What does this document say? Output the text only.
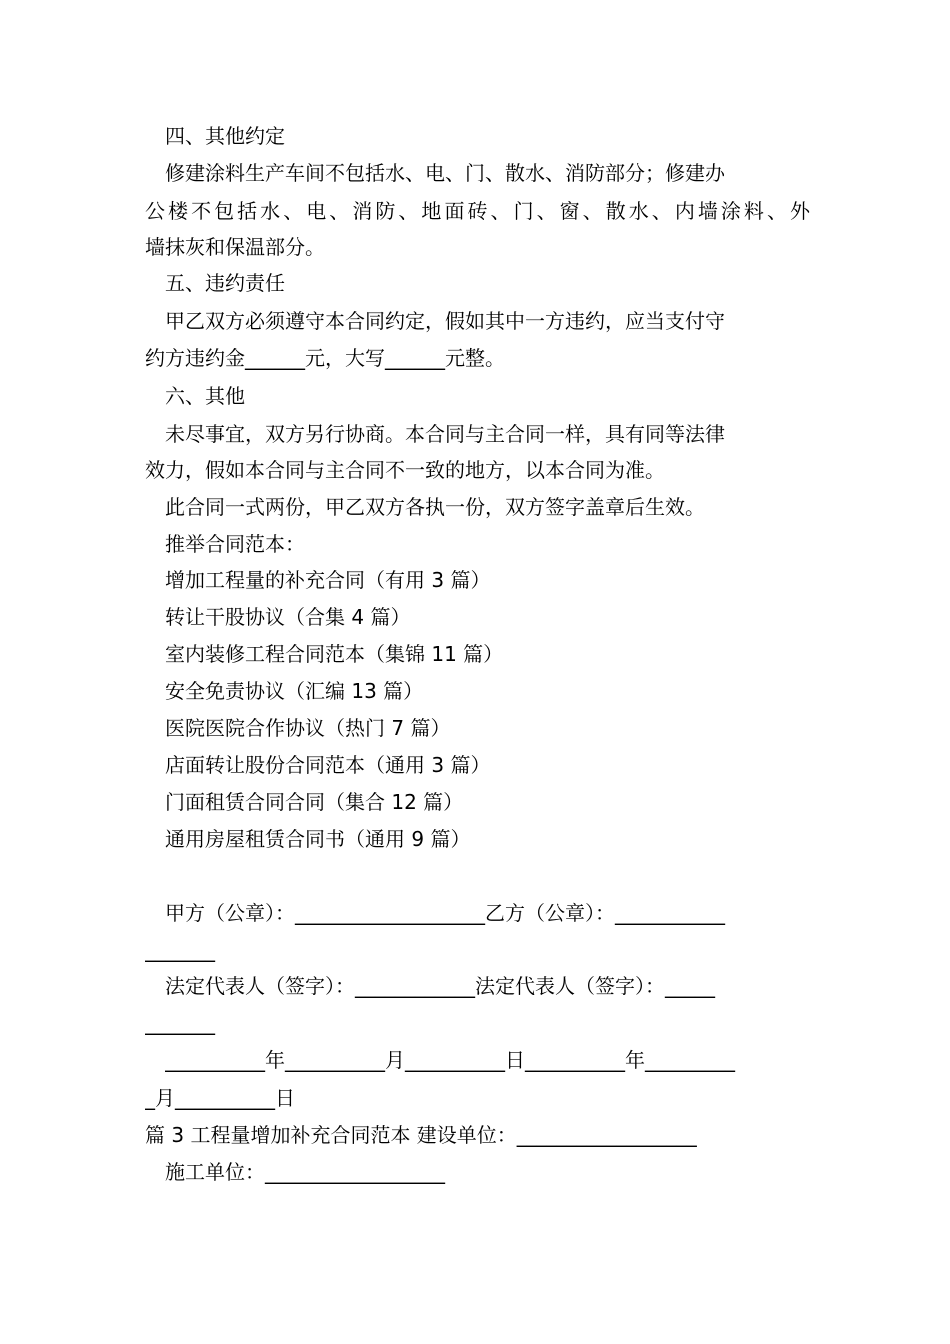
四、其他约定
修建涂料生产车间不包括水、电、门、散水、消防部分；修建办
公楼不包括水、电、消防、地面砖、门、窗、散水、内墙涂料、外
墙抹灰和保温部分。
五、违约责任
甲乙双方必须遵守本合同约定，假如其中一方违约，应当支付守
约方违约金______元，大写______元整。
六、其他
未尽事宜，双方另行协商。本合同与主合同一样，具有同等法律
效力，假如本合同与主合同不一致的地方，以本合同为准。
此合同一式两份，甲乙双方各执一份，双方签字盖章后生效。
推举合同范本：
增加工程量的补充合同（有用 3 篇）
转让干股协议（合集 4 篇）
室内装修工程合同范本（集锦 11 篇）
安全免责协议（汇编 13 篇）
医院医院合作协议（热门 7 篇）
店面转让股份合同范本（通用 3 篇）
门面租赁合同合同（集合 12 篇）
通用房屋租赁合同书（通用 9 篇）
甲方（公章）：___________________乙方（公章）：___________
_______
法定代表人（签字）：____________法定代表人（签字）：_____
_______
__________年__________月__________日__________年_________
_月__________日
篇 3 工程量增加补充合同范本 建设单位：__________________
施工单位：__________________
